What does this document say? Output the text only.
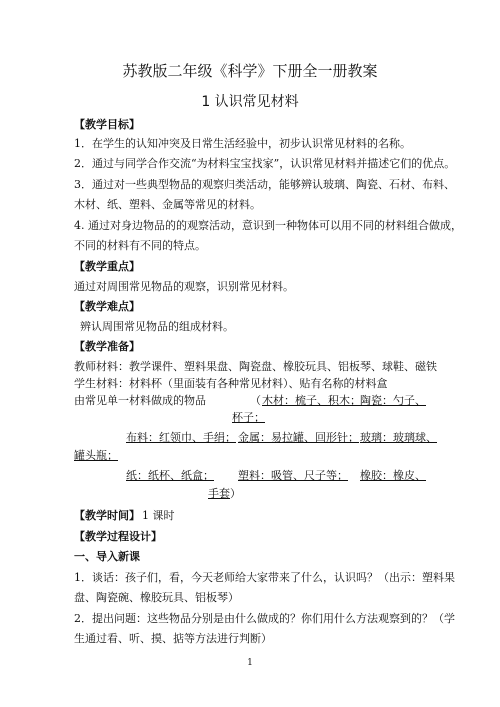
苏教版二年级《科学》下册全一册教案
1 认识常见材料
【教学目标】
1．在学生的认知冲突及日常生活经验中，初步认识常见材料的名称。
2．通过与同学合作交流“为材料宝宝找家”，认识常见材料并描述它们的优点。
3．通过对一些典型物品的观察归类活动，能够辨认玻璃、陶瓷、石材、布料、
木材、纸、塑料、金属等常见的材料。
4. 通过对身边物品的的观察活动，意识到一种物体可以用不同的材料组合做成，
不同的材料有不同的特点。
【教学重点】
通过对周围常见物品的观察，识别常见材料。
【教学难点】
辨认周围常见物品的组成材料。
【教学准备】
教师材料：教学课件、塑料果盘、陶瓷盘、橡胶玩具、铝板琴、球鞋、磁铁
学生材料：材料杯（里面装有各种常见材料）、贴有名称的材料盒
由常见单一材料做成的物品	（ 木材：梳子、积木； 陶瓷：勺子、
杯子；
布料：红领巾、手绢； 金属：易拉罐、回形针； 玻璃：玻璃球、
罐头瓶；
纸：纸杯、纸盒； 塑料：吸管、尺子等； 橡胶：橡皮、
手套 ）
【教学时间】 1 课时
【教学过程设计】
一、导入新课
1．谈话：孩子们，看，今天老师给大家带来了什么，认识吗？（出示：塑料果
盘、陶瓷碗、橡胶玩具、铝板琴）
2．提出问题：这些物品分别是由什么做成的？你们用什么方法观察到的？（学
生通过看、听、摸、掂等方法进行判断）
1
